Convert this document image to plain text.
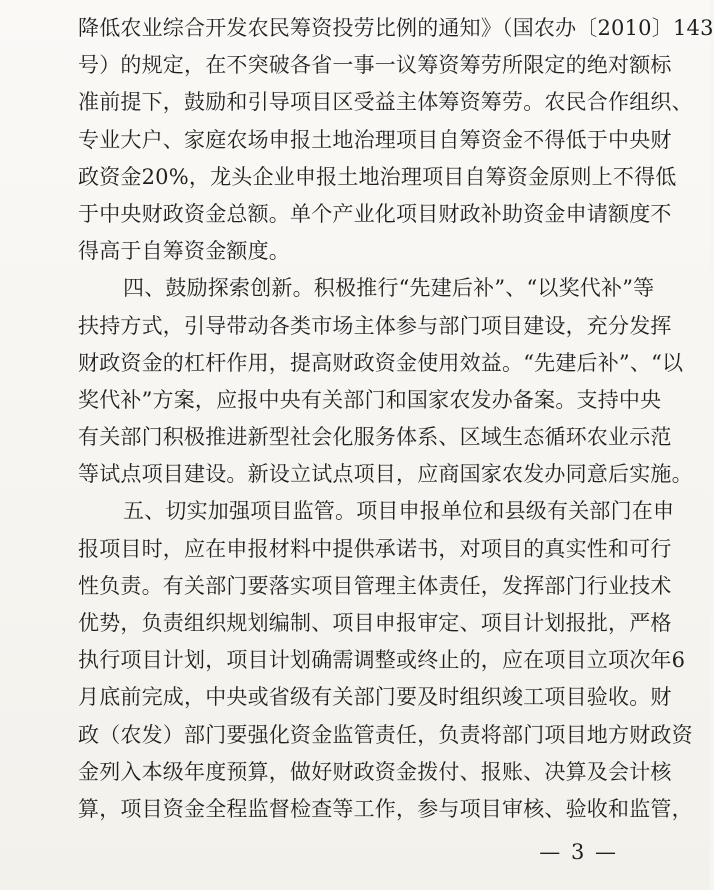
降低农业综合开发农民筹资投劳比例的通知》（国农办〔2010〕143
号）的规定，在不突破各省一事一议筹资筹劳所限定的绝对额标
准前提下，鼓励和引导项目区受益主体筹资筹劳。农民合作组织、
专业大户、家庭农场申报土地治理项目自筹资金不得低于中央财
政资金20%，龙头企业申报土地治理项目自筹资金原则上不得低
于中央财政资金总额。单个产业化项目财政补助资金申请额度不
得高于自筹资金额度。
四、鼓励探索创新。积极推行“先建后补”、“以奖代补”等
扶持方式，引导带动各类市场主体参与部门项目建设，充分发挥
财政资金的杠杆作用，提高财政资金使用效益。“先建后补”、“以
奖代补”方案，应报中央有关部门和国家农发办备案。支持中央
有关部门积极推进新型社会化服务体系、区域生态循环农业示范
等试点项目建设。新设立试点项目，应商国家农发办同意后实施。
五、切实加强项目监管。项目申报单位和县级有关部门在申
报项目时，应在申报材料中提供承诺书，对项目的真实性和可行
性负责。有关部门要落实项目管理主体责任，发挥部门行业技术
优势，负责组织规划编制、项目申报审定、项目计划报批，严格
执行项目计划，项目计划确需调整或终止的，应在项目立项次年6
月底前完成，中央或省级有关部门要及时组织竣工项目验收。财
政（农发）部门要强化资金监管责任，负责将部门项目地方财政资
金列入本级年度预算，做好财政资金拨付、报账、决算及会计核
算，项目资金全程监督检查等工作，参与项目审核、验收和监管，
— 3 —
